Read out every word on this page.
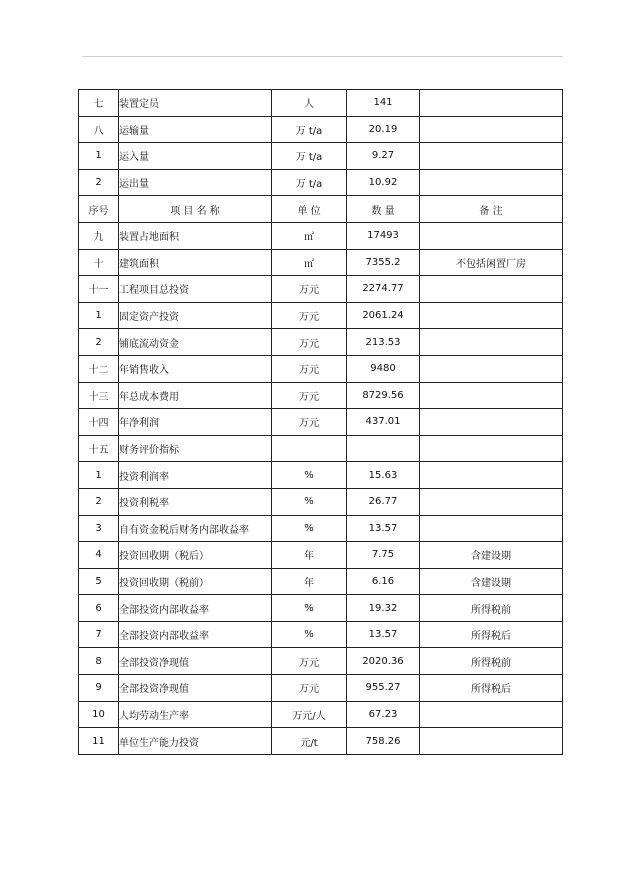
七	装置定员	人	141	
八	运输量	万 t/a	20.19	
1	运入量	万 t/a	9.27	
2	运出量	万 t/a	10.92	
序号	项 目 名 称	单 位	数 量	备 注
九	装置占地面积	㎡	17493	
十	建筑面积	㎡	7355.2	不包括闲置厂房
十一	工程项目总投资	万元	2274.77	
1	固定资产投资	万元	2061.24	
2	铺底流动资金	万元	213.53	
十二	年销售收入	万元	9480	
十三	年总成本费用	万元	8729.56	
十四	年净利润	万元	437.01	
十五	财务评价指标			
1	投资利润率	%	15.63	
2	投资利税率	%	26.77	
3	自有资金税后财务内部收益率	%	13.57	
4	投资回收期（税后）	年	7.75	含建设期
5	投资回收期（税前）	年	6.16	含建设期
6	全部投资内部收益率	%	19.32	所得税前
7	全部投资内部收益率	%	13.57	所得税后
8	全部投资净现值	万元	2020.36	所得税前
9	全部投资净现值	万元	955.27	所得税后
10	人均劳动生产率	万元/人	67.23	
11	单位生产能力投资	元/t	758.26	
